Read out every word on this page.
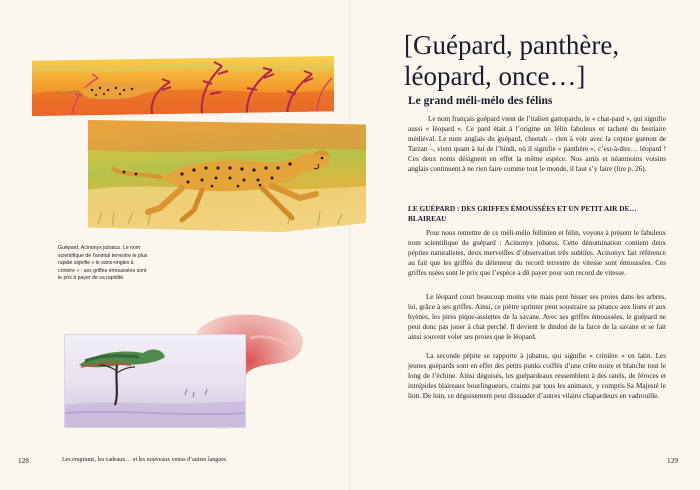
Guépard, Acinonyx jubatus. Le nom scientifique de l’animal terrestre le plus rapide signifie « le sans-ongles à crinière » : ses griffes émoussées sont le prix à payer de sa rapidité.
[Guépard, panthère, léopard, once…]
Le grand méli-mélo des félins

Le nom français guépard vient de l’italien gattopardo, le « chat-pard », qui signifie aussi « léopard ». Ce pard était à l’origine un félin fabuleux et tacheté du bestiaire médiéval. Le nom anglais du guépard, cheetah – rien à voir avec la copine guenon de Tarzan –, vient quant à lui de l’hindi, où il signifie « panthère », c’est-à-dire… léopard ! Ces deux noms désignent en effet la même espèce. Nos amis et néanmoins voisins anglais continuent à ne rien faire comme tout le monde, il faut s’y faire (lire p. 26).

LE GUÉPARD : DES GRIFFES ÉMOUSSÉES ET UN PETIT AIR DE… BLAIREAU

Pour nous remettre de ce méli-mélo fellinien et félin, voyons à présent le fabuleux nom scientifique du guépard : Acinonyx jubatus. Cette dénomination contient deux pépites naturalistes, deux merveilles d’observation très subtiles. Acinonyx fait référence au fait que les griffes du détenteur du record terrestre de vitesse sont émoussées. Ces griffes usées sont le prix que l’espèce a dû payer pour son record de vitesse.

Le léopard court beaucoup moins vite mais peut hisser ses proies dans les arbres, lui, grâce à ses griffes. Ainsi, ce piètre sprinter peut soustraire sa pitance aux lions et aux hyènes, les pires pique-assiettes de la savane. Avec ses griffes émoussées, le guépard ne peut donc pas jouer à chat perché. Il devient le dindon de la farce de la savane et se fait ainsi souvent voler ses proies que le léopard.

La seconde pépite se rapporte à jubatus, qui signifie « crinière » en latin. Les jeunes guépards sont en effet des petits punks coiffés d’une crête noire et blanche tout le long de l’échine. Ainsi déguisés, les guépardeaux ressemblent à des ratels, de féroces et intrépides blaireaux bourlingueurs, craints par tous les animaux, y compris Sa Majesté le lion. De loin, ce déguisement peut dissuader d’autres vilains chapardeurs en vadrouille.

128	Les emprunts, les cadeaux… et les nouveaux venus d’autres langues	129
